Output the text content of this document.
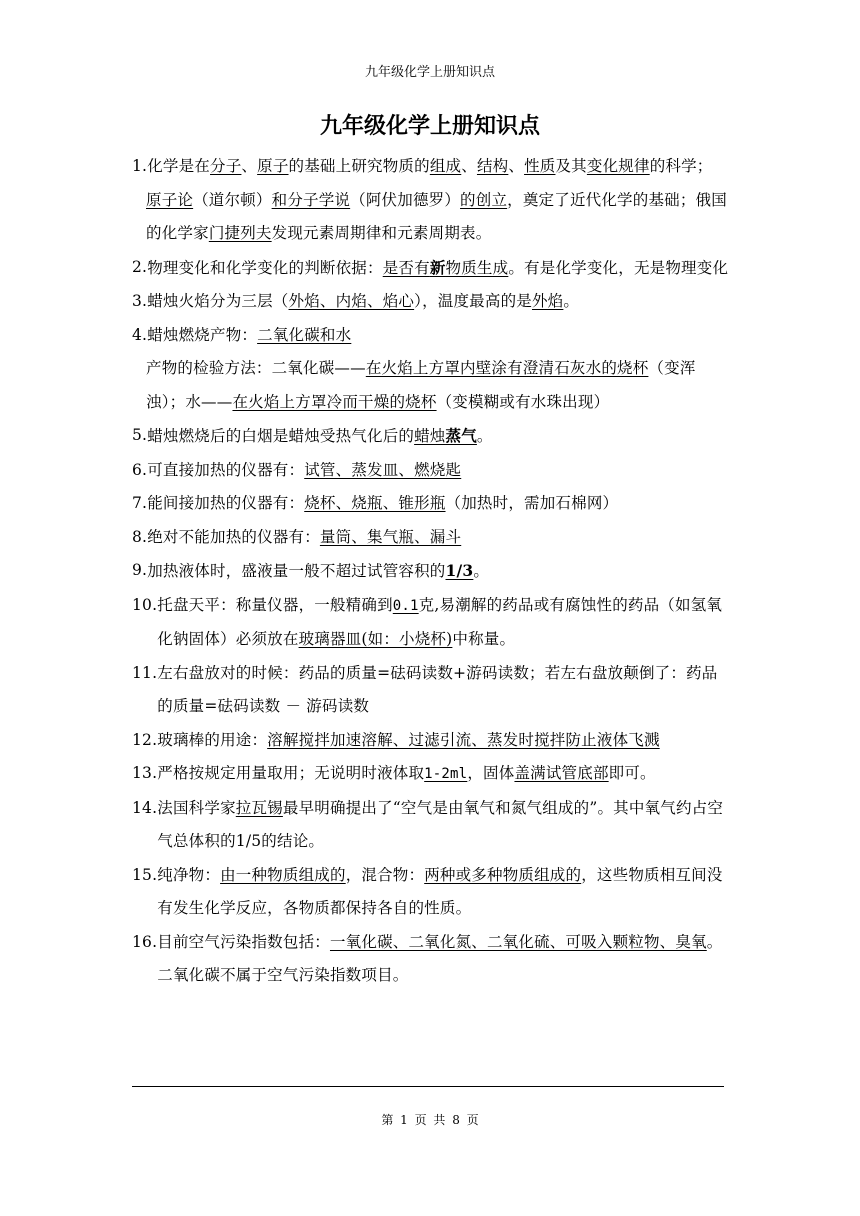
九年级化学上册知识点
九年级化学上册知识点
1. 化学是在分子、原子的基础上研究物质的组成、结构、性质及其变化规律的科学；
原子论（道尔顿）和分子学说（阿伏加德罗）的创立，奠定了近代化学的基础；俄国的化学家门捷列夫发现元素周期律和元素周期表。
2. 物理变化和化学变化的判断依据：是否有新物质生成。有是化学变化，无是物理变化
3. 蜡烛火焰分为三层（外焰、内焰、焰心），温度最高的是外焰。
4. 蜡烛燃烧产物：二氧化碳和水
产物的检验方法：二氧化碳——在火焰上方罩内壁涂有澄清石灰水的烧杯（变浑浊）；水——在火焰上方罩冷而干燥的烧杯（变模糊或有水珠出现）
5. 蜡烛燃烧后的白烟是蜡烛受热气化后的蜡烛蒸气。
6. 可直接加热的仪器有：试管、蒸发皿、燃烧匙
7. 能间接加热的仪器有：烧杯、烧瓶、锥形瓶（加热时，需加石棉网）
8. 绝对不能加热的仪器有：量筒、集气瓶、漏斗
9. 加热液体时，盛液量一般不超过试管容积的1/3。
10. 托盘天平：称量仪器，一般精确到0.1克,易潮解的药品或有腐蚀性的药品（如氢氧化钠固体）必须放在玻璃器皿(如：小烧杯)中称量。
11. 左右盘放对的时候：药品的质量=砝码读数+游码读数；若左右盘放颠倒了：药品的质量=砝码读数 － 游码读数
12. 玻璃棒的用途：溶解搅拌加速溶解、过滤引流、蒸发时搅拌防止液体飞溅
13. 严格按规定用量取用；无说明时液体取1-2ml，固体盖满试管底部即可。
14. 法国科学家拉瓦锡最早明确提出了“空气是由氧气和氮气组成的”。其中氧气约占空气总体积的1/5的结论。
15. 纯净物：由一种物质组成的，混合物：两种或多种物质组成的，这些物质相互间没有发生化学反应，各物质都保持各自的性质。
16. 目前空气污染指数包括：一氧化碳、二氧化氮、二氧化硫、可吸入颗粒物、臭氧。二氧化碳不属于空气污染指数项目。
第 1 页 共 8 页
